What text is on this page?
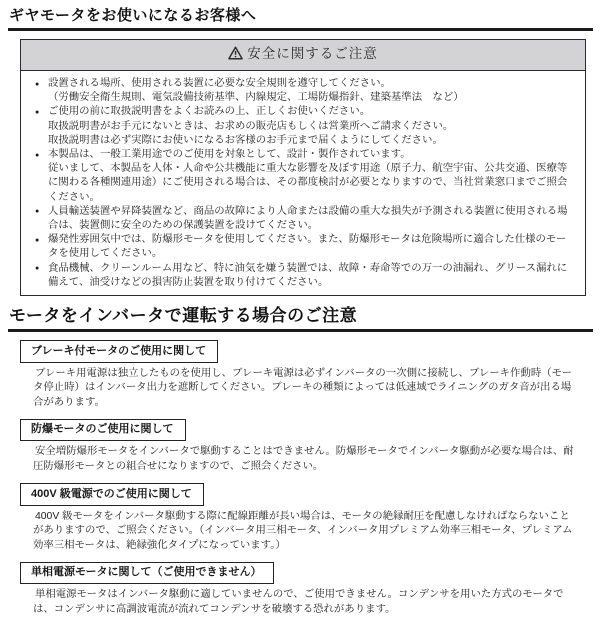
ギヤモータをお使いになるお客様へ
安全に関するご注意
● 設置される場所、使用される装置に必要な安全規則を遵守してください。
（労働安全衛生規則、電気設備技術基準、内線規定、工場防爆指針、建築基準法　など）
● ご使用の前に取扱説明書をよくお読みの上、正しくお使いください。
取扱説明書がお手元にないときは、お求めの販売店もしくは営業所へご請求ください。
取扱説明書は必ず実際にお使いになるお客様のお手元まで届くようにしてください。
● 本製品は、一般工業用途でのご使用を対象として、設計・製作されています。
従いまして、本製品を人体・人命や公共機能に重大な影響を及ぼす用途（原子力、航空宇宙、公共交通、医療等に関わる各種関連用途）にご使用される場合は、その都度検討が必要となりますので、当社営業窓口までご照会ください。
● 人員輸送装置や昇降装置など、商品の故障により人命または設備の重大な損失が予測される装置に使用される場合は、装置側に安全のための保護装置を設けてください。
● 爆発性雰囲気中では、防爆形モータを使用してください。また、防爆形モータは危険場所に適合した仕様のモータを使用してください。
● 食品機械、クリーンルーム用など、特に油気を嫌う装置では、故障・寿命等での万一の油漏れ、グリース漏れに備えて、油受けなどの損害防止装置を取り付けてください。
モータをインバータで運転する場合のご注意
ブレーキ付モータのご使用に関して

ブレーキ用電源は独立したものを使用し、ブレーキ電源は必ずインバータの一次側に接続し、ブレーキ作動時（モータ停止時）はインバータ出力を遮断してください。ブレーキの種類によっては低速域でライニングのガタ音が出る場合があります。

防爆モータのご使用に関して

安全増防爆形モータをインバータで駆動することはできません。防爆形モータでインバータ駆動が必要な場合は、耐圧防爆形モータとの組合せになりますので、ご照会ください。

400V 級電源でのご使用に関して

400V 級モータをインバータ駆動する際に配線距離が長い場合は、モータの絶縁耐圧を配慮しなければならないことがありますので、ご照会ください。（インバータ用三相モータ、インバータ用プレミアム効率三相モータ、プレミアム効率三相モータは、絶縁強化タイプになっています。）

単相電源モータに関して（ご使用できません）

単相電源モータはインバータ駆動に適していませんので、ご使用できません。コンデンサを用いた方式のモータでは、コンデンサに高調波電流が流れてコンデンサを破壊する恐れがあります。
